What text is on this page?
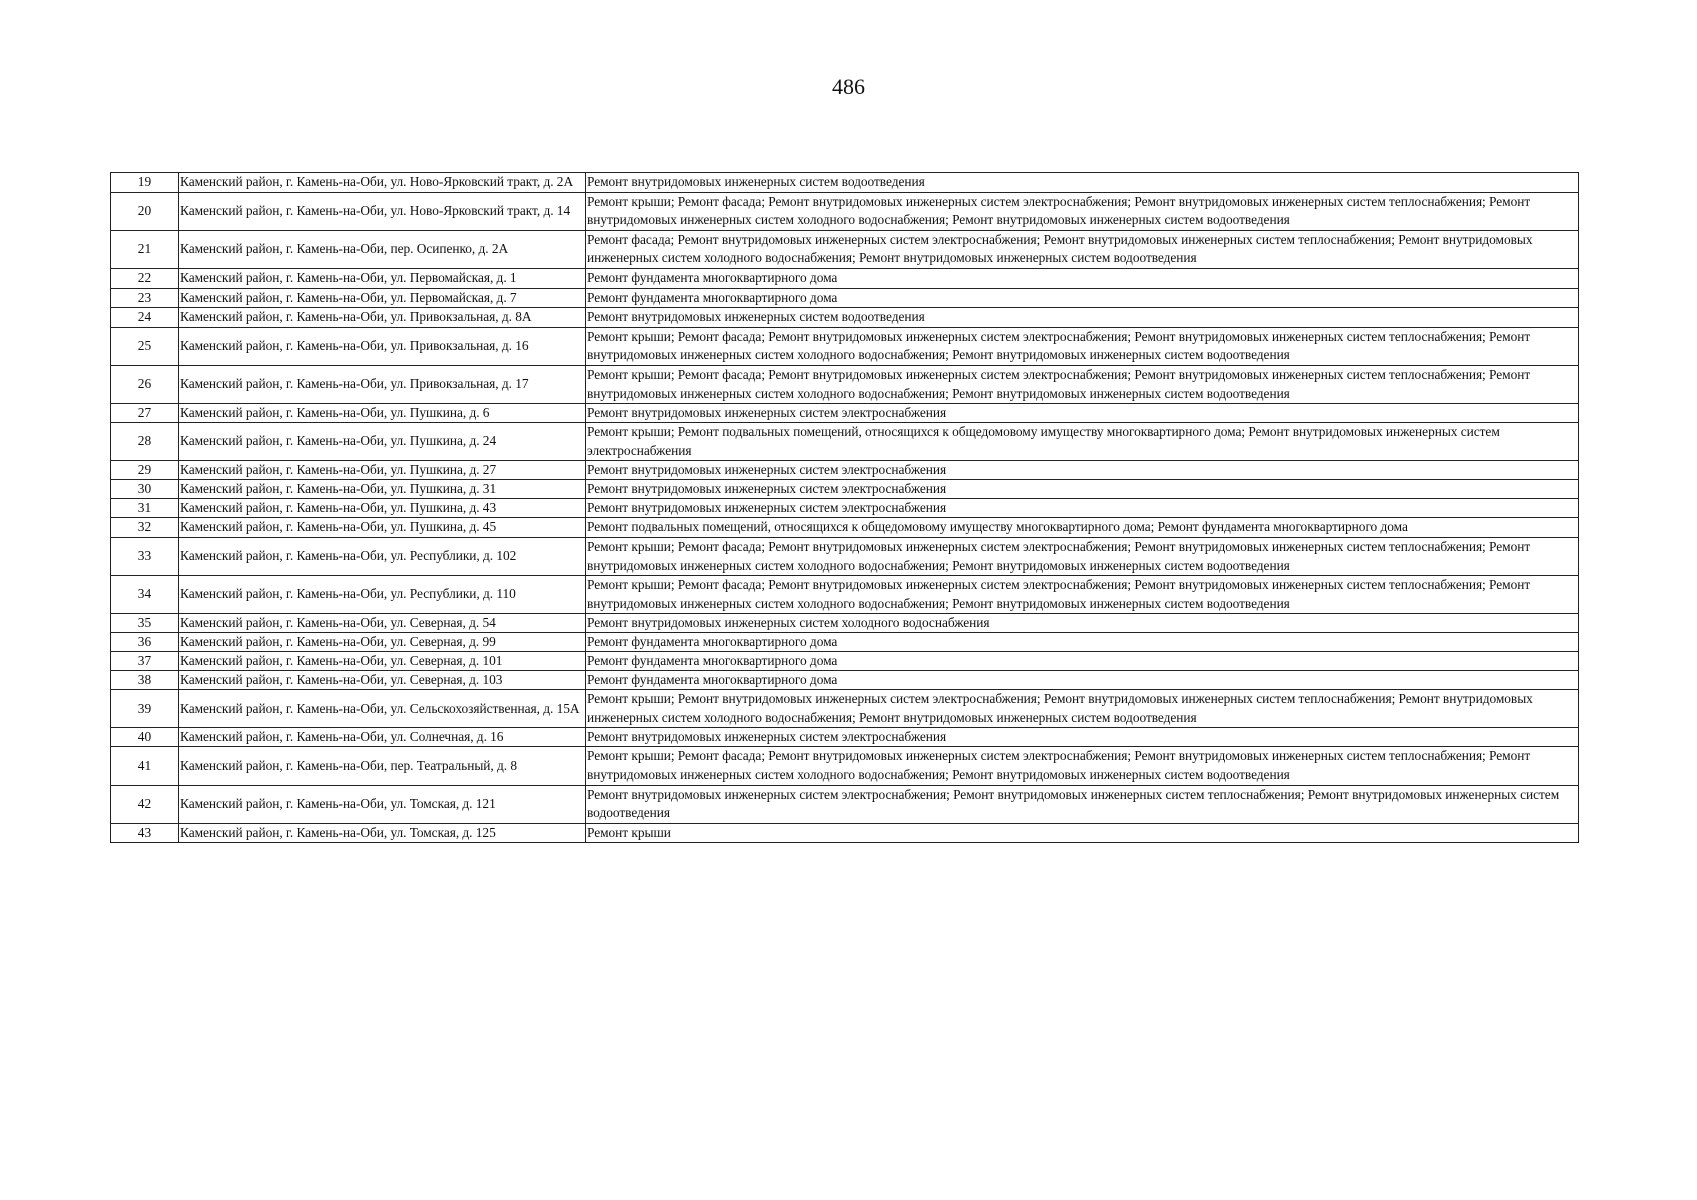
486
19	Каменский район, г. Камень-на-Оби, ул. Ново-Ярковский тракт, д. 2А	Ремонт внутридомовых инженерных систем водоотведения
20	Каменский район, г. Камень-на-Оби, ул. Ново-Ярковский тракт, д. 14	Ремонт крыши; Ремонт фасада; Ремонт внутридомовых инженерных систем электроснабжения; Ремонт внутридомовых инженерных систем теплоснабжения; Ремонт внутридомовых инженерных систем холодного водоснабжения; Ремонт внутридомовых инженерных систем водоотведения
21	Каменский район, г. Камень-на-Оби, пер. Осипенко, д. 2А	Ремонт фасада; Ремонт внутридомовых инженерных систем электроснабжения; Ремонт внутридомовых инженерных систем теплоснабжения; Ремонт внутридомовых инженерных систем холодного водоснабжения; Ремонт внутридомовых инженерных систем водоотведения
22	Каменский район, г. Камень-на-Оби, ул. Первомайская, д. 1	Ремонт фундамента многоквартирного дома
23	Каменский район, г. Камень-на-Оби, ул. Первомайская, д. 7	Ремонт фундамента многоквартирного дома
24	Каменский район, г. Камень-на-Оби, ул. Привокзальная, д. 8А	Ремонт внутридомовых инженерных систем водоотведения
25	Каменский район, г. Камень-на-Оби, ул. Привокзальная, д. 16	Ремонт крыши; Ремонт фасада; Ремонт внутридомовых инженерных систем электроснабжения; Ремонт внутридомовых инженерных систем теплоснабжения; Ремонт внутридомовых инженерных систем холодного водоснабжения; Ремонт внутридомовых инженерных систем водоотведения
26	Каменский район, г. Камень-на-Оби, ул. Привокзальная, д. 17	Ремонт крыши; Ремонт фасада; Ремонт внутридомовых инженерных систем электроснабжения; Ремонт внутридомовых инженерных систем теплоснабжения; Ремонт внутридомовых инженерных систем холодного водоснабжения; Ремонт внутридомовых инженерных систем водоотведения
27	Каменский район, г. Камень-на-Оби, ул. Пушкина, д. 6	Ремонт внутридомовых инженерных систем электроснабжения
28	Каменский район, г. Камень-на-Оби, ул. Пушкина, д. 24	Ремонт крыши; Ремонт подвальных помещений, относящихся к общедомовому имуществу многоквартирного дома; Ремонт внутридомовых инженерных систем электроснабжения
29	Каменский район, г. Камень-на-Оби, ул. Пушкина, д. 27	Ремонт внутридомовых инженерных систем электроснабжения
30	Каменский район, г. Камень-на-Оби, ул. Пушкина, д. 31	Ремонт внутридомовых инженерных систем электроснабжения
31	Каменский район, г. Камень-на-Оби, ул. Пушкина, д. 43	Ремонт внутридомовых инженерных систем электроснабжения
32	Каменский район, г. Камень-на-Оби, ул. Пушкина, д. 45	Ремонт подвальных помещений, относящихся к общедомовому имуществу многоквартирного дома; Ремонт фундамента многоквартирного дома
33	Каменский район, г. Камень-на-Оби, ул. Республики, д. 102	Ремонт крыши; Ремонт фасада; Ремонт внутридомовых инженерных систем электроснабжения; Ремонт внутридомовых инженерных систем теплоснабжения; Ремонт внутридомовых инженерных систем холодного водоснабжения; Ремонт внутридомовых инженерных систем водоотведения
34	Каменский район, г. Камень-на-Оби, ул. Республики, д. 110	Ремонт крыши; Ремонт фасада; Ремонт внутридомовых инженерных систем электроснабжения; Ремонт внутридомовых инженерных систем теплоснабжения; Ремонт внутридомовых инженерных систем холодного водоснабжения; Ремонт внутридомовых инженерных систем водоотведения
35	Каменский район, г. Камень-на-Оби, ул. Северная, д. 54	Ремонт внутридомовых инженерных систем холодного водоснабжения
36	Каменский район, г. Камень-на-Оби, ул. Северная, д. 99	Ремонт фундамента многоквартирного дома
37	Каменский район, г. Камень-на-Оби, ул. Северная, д. 101	Ремонт фундамента многоквартирного дома
38	Каменский район, г. Камень-на-Оби, ул. Северная, д. 103	Ремонт фундамента многоквартирного дома
39	Каменский район, г. Камень-на-Оби, ул. Сельскохозяйственная, д. 15А	Ремонт крыши; Ремонт внутридомовых инженерных систем электроснабжения; Ремонт внутридомовых инженерных систем теплоснабжения; Ремонт внутридомовых инженерных систем холодного водоснабжения; Ремонт внутридомовых инженерных систем водоотведения
40	Каменский район, г. Камень-на-Оби, ул. Солнечная, д. 16	Ремонт внутридомовых инженерных систем электроснабжения
41	Каменский район, г. Камень-на-Оби, пер. Театральный, д. 8	Ремонт крыши; Ремонт фасада; Ремонт внутридомовых инженерных систем электроснабжения; Ремонт внутридомовых инженерных систем теплоснабжения; Ремонт внутридомовых инженерных систем холодного водоснабжения; Ремонт внутридомовых инженерных систем водоотведения
42	Каменский район, г. Камень-на-Оби, ул. Томская, д. 121	Ремонт внутридомовых инженерных систем электроснабжения; Ремонт внутридомовых инженерных систем теплоснабжения; Ремонт внутридомовых инженерных систем водоотведения
43	Каменский район, г. Камень-на-Оби, ул. Томская, д. 125	Ремонт крыши
